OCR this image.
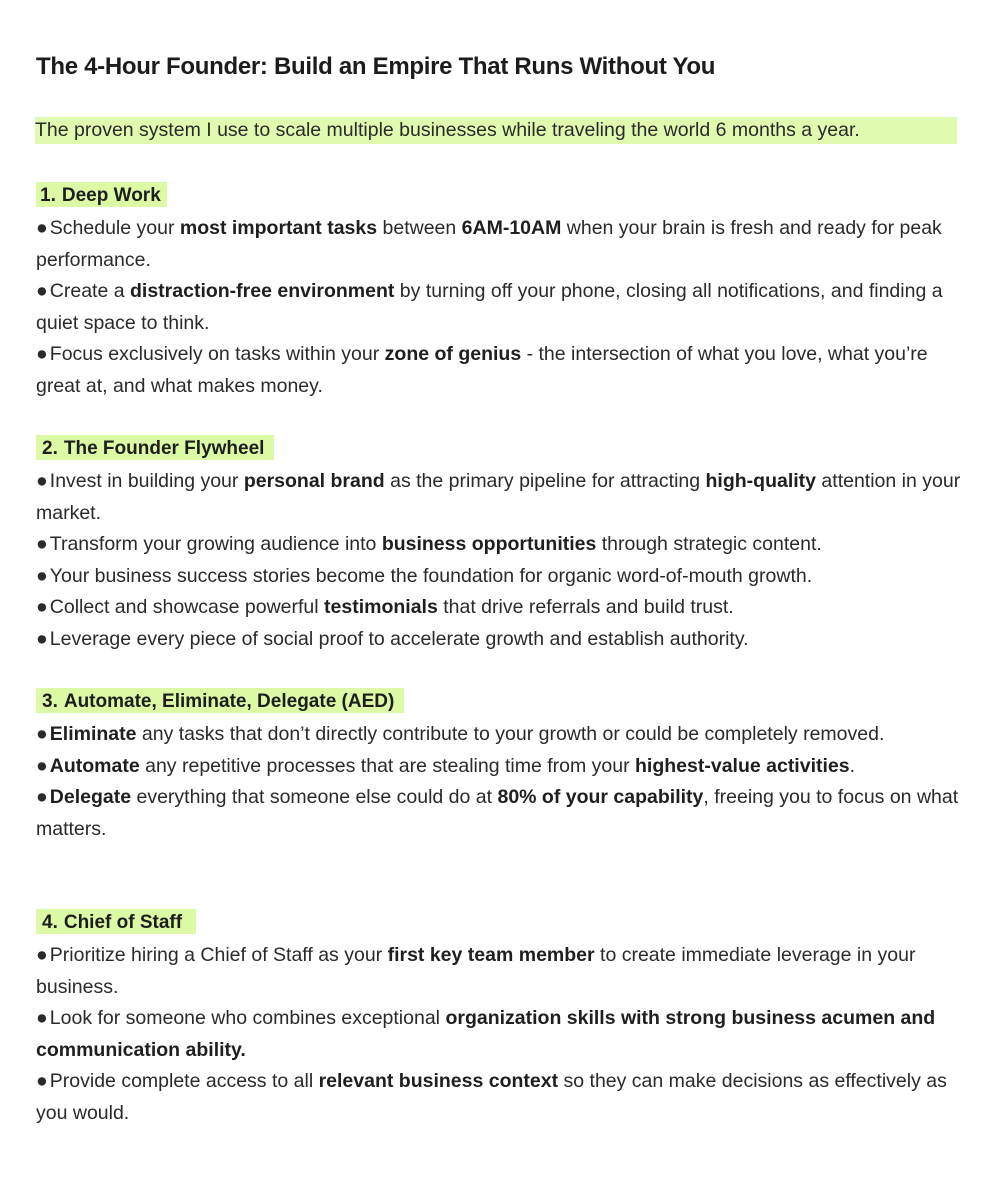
The 4-Hour Founder: Build an Empire That Runs Without You
The proven system I use to scale multiple businesses while traveling the world 6 months a year.
1. Deep Work

● Schedule your most important tasks between 6AM-10AM when your brain is fresh and ready for peak performance.

● Create a distraction-free environment by turning off your phone, closing all notifications, and finding a quiet space to think.

● Focus exclusively on tasks within your zone of genius - the intersection of what you love, what you’re great at, and what makes money.

2. The Founder Flywheel

● Invest in building your personal brand as the primary pipeline for attracting high-quality attention in your market.

● Transform your growing audience into business opportunities through strategic content.

● Your business success stories become the foundation for organic word-of-mouth growth.

● Collect and showcase powerful testimonials that drive referrals and build trust.

● Leverage every piece of social proof to accelerate growth and establish authority.

3. Automate, Eliminate, Delegate (AED)

● Eliminate any tasks that don’t directly contribute to your growth or could be completely removed.

● Automate any repetitive processes that are stealing time from your highest-value activities.

● Delegate everything that someone else could do at 80% of your capability, freeing you to focus on what matters.

4. Chief of Staff

● Prioritize hiring a Chief of Staff as your first key team member to create immediate leverage in your business.

● Look for someone who combines exceptional organization skills with strong business acumen and communication ability.

● Provide complete access to all relevant business context so they can make decisions as effectively as you would.
